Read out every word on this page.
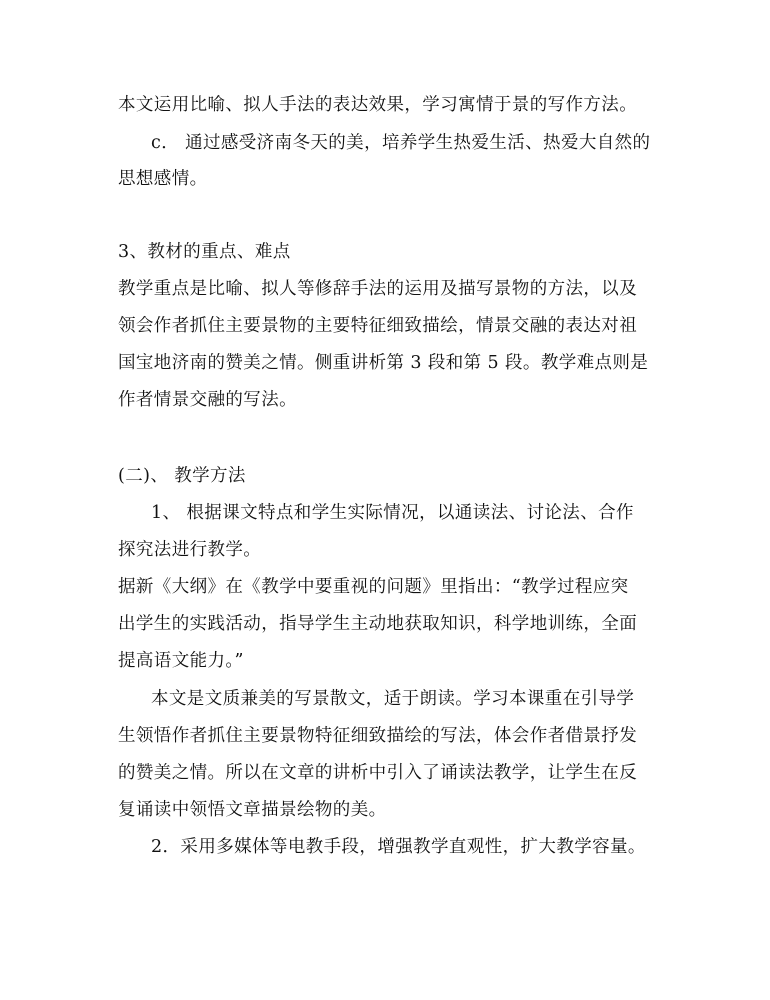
本文运用比喻、拟人手法的表达效果，学习寓情于景的写作方法。
c． 通过感受济南冬天的美，培养学生热爱生活、热爱大自然的
思想感情。
3、教材的重点、难点
教学重点是比喻、拟人等修辞手法的运用及描写景物的方法，以及
领会作者抓住主要景物的主要特征细致描绘，情景交融的表达对祖
国宝地济南的赞美之情。侧重讲析第 3 段和第 5 段。教学难点则是
作者情景交融的写法。
(二)、 教学方法
1、 根据课文特点和学生实际情况，以通读法、讨论法、合作
探究法进行教学。
据新《大纲》在《教学中要重视的问题》里指出：“教学过程应突
出学生的实践活动，指导学生主动地获取知识，科学地训练，全面
提高语文能力。”
本文是文质兼美的写景散文，适于朗读。学习本课重在引导学
生领悟作者抓住主要景物特征细致描绘的写法，体会作者借景抒发
的赞美之情。所以在文章的讲析中引入了诵读法教学，让学生在反
复诵读中领悟文章描景绘物的美。
2．采用多媒体等电教手段，增强教学直观性，扩大教学容量。
